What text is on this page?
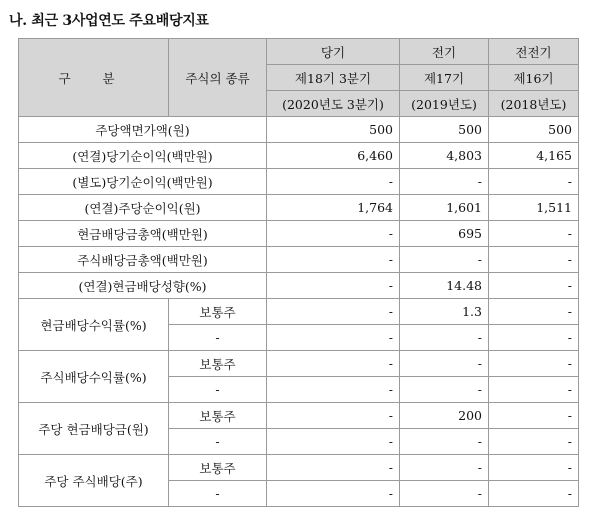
나. 최근 3사업연도 주요배당지표
구 분	주식의 종류	당기	전기	전전기
		제18기 3분기	제17기	제16기
		(2020년도 3분기)	(2019년도)	(2018년도)
주당액면가액(원)		500	500	500
(연결)당기순이익(백만원)		6,460	4,803	4,165
(별도)당기순이익(백만원)		-	-	-
(연결)주당순이익(원)		1,764	1,601	1,511
현금배당금총액(백만원)		-	695	-
주식배당금총액(백만원)		-	-	-
(연결)현금배당성향(%)		-	14.48	-
현금배당수익률(%)	보통주	-	1.3	-
	-	-	-	-
주식배당수익률(%)	보통주	-	-	-
	-	-	-	-
주당 현금배당금(원)	보통주	-	200	-
	-	-	-	-
주당 주식배당(주)	보통주	-	-	-
	-	-	-	-
